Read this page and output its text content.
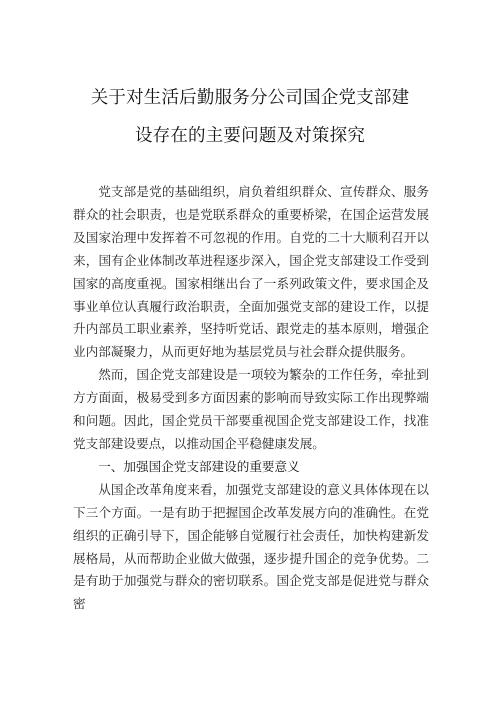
关于对生活后勤服务分公司国企党支部建
设存在的主要问题及对策探究

党支部是党的基础组织，肩负着组织群众、宣传群众、服务群众的社会职责，也是党联系群众的重要桥梁，在国企运营发展及国家治理中发挥着不可忽视的作用。自党的二十大顺利召开以来，国有企业体制改革进程逐步深入，国企党支部建设工作受到国家的高度重视。国家相继出台了一系列政策文件，要求国企及事业单位认真履行政治职责，全面加强党支部的建设工作，以提升内部员工职业素养，坚持听党话、跟党走的基本原则，增强企业内部凝聚力，从而更好地为基层党员与社会群众提供服务。

然而，国企党支部建设是一项较为繁杂的工作任务，牵扯到方方面面，极易受到多方面因素的影响而导致实际工作出现弊端和问题。因此，国企党员干部要重视国企党支部建设工作，找准党支部建设要点，以推动国企平稳健康发展。

一、加强国企党支部建设的重要意义

从国企改革角度来看，加强党支部建设的意义具体体现在以下三个方面。一是有助于把握国企改革发展方向的准确性。在党组织的正确引导下，国企能够自觉履行社会责任，加快构建新发展格局，从而帮助企业做大做强，逐步提升国企的竞争优势。二是有助于加强党与群众的密切联系。国企党支部是促进党与群众密
